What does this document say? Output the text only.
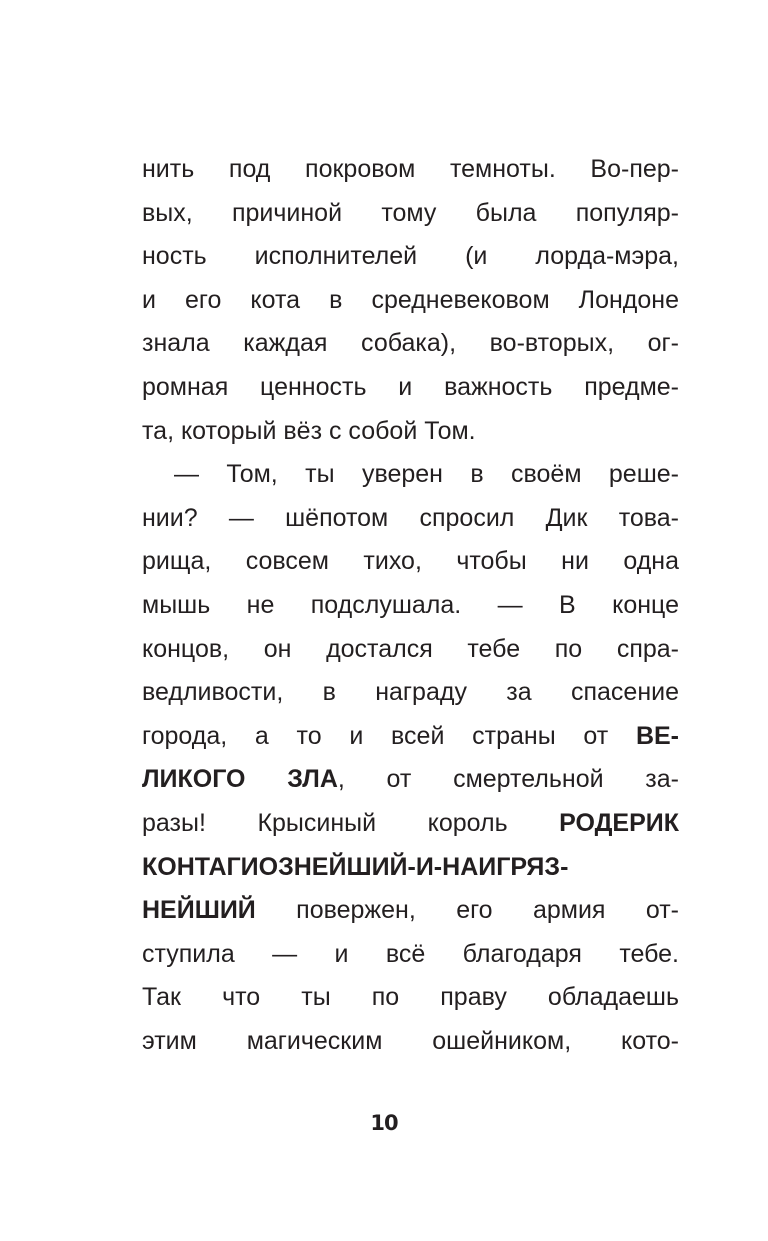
нить под покровом темноты. Во-пер-
вых, причиной тому была популяр-
ность исполнителей (и лорда-мэра,
и его кота в средневековом Лондоне
знала каждая собака), во-вторых, ог-
ромная ценность и важность предме-
та, который вёз с собой Том.
— Том, ты уверен в своём реше-
нии? — шёпотом спросил Дик това-
рища, совсем тихо, чтобы ни одна
мышь не подслушала. — В конце
концов, он достался тебе по спра-
ведливости, в награду за спасение
города, а то и всей страны от ВЕ-
ЛИКОГО ЗЛА, от смертельной за-
разы! Крысиный король РОДЕРИК
КОНТАГИОЗНЕЙШИЙ-И-НАИГРЯЗ-
НЕЙШИЙ повержен, его армия от-
ступила — и всё благодаря тебе.
Так что ты по праву обладаешь
этим магическим ошейником, кото-
10
